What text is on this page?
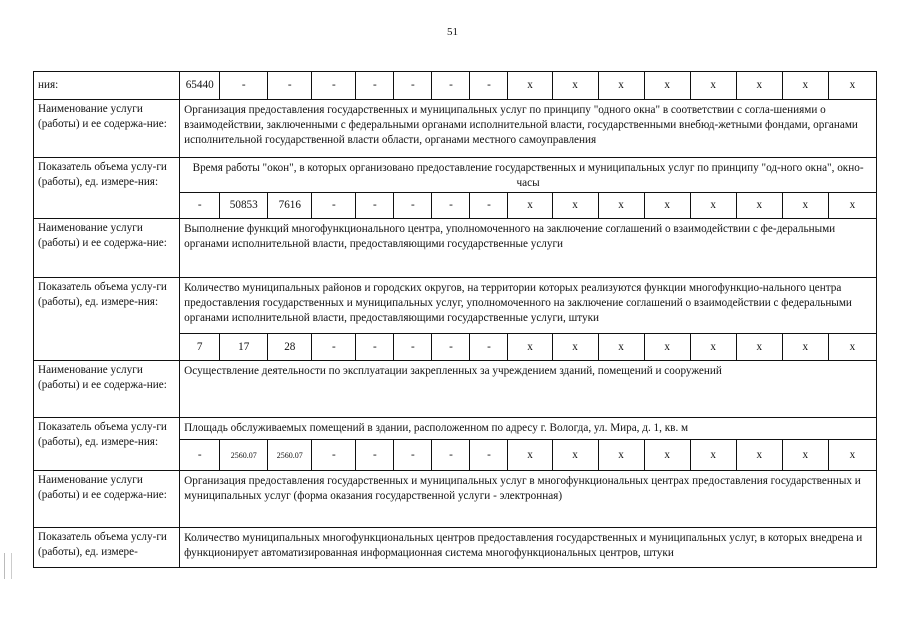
51
ния:	65440	-	-	-	-	-	-	-	x	x	x	x	x	x	x	x
Наименование услуги (работы) и ее содержа-ние:	Организация предоставления государственных и муниципальных услуг по принципу "одного окна" в соответствии с согла-шениями о взаимодействии, заключенными с федеральными органами исполнительной власти, государственными внебюд-жетными фондами, органами исполнительной государственной власти области, органами местного самоуправления															
Показатель объема услу-ги (работы), ед. измере-ния:	Время работы "окон", в которых организовано предоставление государственных и муниципальных услуг по принципу "од-ного окна", окно-часы															
	-	50853	7616	-	-	-	-	-	x	x	x	x	x	x	x	x
Наименование услуги (работы) и ее содержа-ние:	Выполнение функций многофункционального центра, уполномоченного на заключение соглашений о взаимодействии с фе-деральными органами исполнительной власти, предоставляющими государственные услуги															
Показатель объема услу-ги (работы), ед. измере-ния:	Количество муниципальных районов и городских округов, на территории которых реализуются функции многофункцио-нального центра предоставления государственных и муниципальных услуг, уполномоченного на заключение соглашений о взаимодействии с федеральными органами исполнительной власти, предоставляющими государственные услуги, штуки															
	7	17	28	-	-	-	-	-	x	x	x	x	x	x	x	x
Наименование услуги (работы) и ее содержа-ние:	Осуществление деятельности по эксплуатации закрепленных за учреждением зданий, помещений и сооружений															
Показатель объема услу-ги (работы), ед. измере-ния:	Площадь обслуживаемых помещений в здании, расположенном по адресу г. Вологда, ул. Мира, д. 1, кв. м															
	-	2560.07	2560.07	-	-	-	-	-	x	x	x	x	x	x	x	x
Наименование услуги (работы) и ее содержа-ние:	Организация предоставления государственных и муниципальных услуг в многофункциональных центрах предоставления государственных и муниципальных услуг (форма оказания государственной услуги - электронная)															
Показатель объема услу-ги (работы), ед. измере-	Количество муниципальных многофункциональных центров предоставления государственных и муниципальных услуг, в которых внедрена и функционирует автоматизированная информационная система многофункциональных центров, штуки															
